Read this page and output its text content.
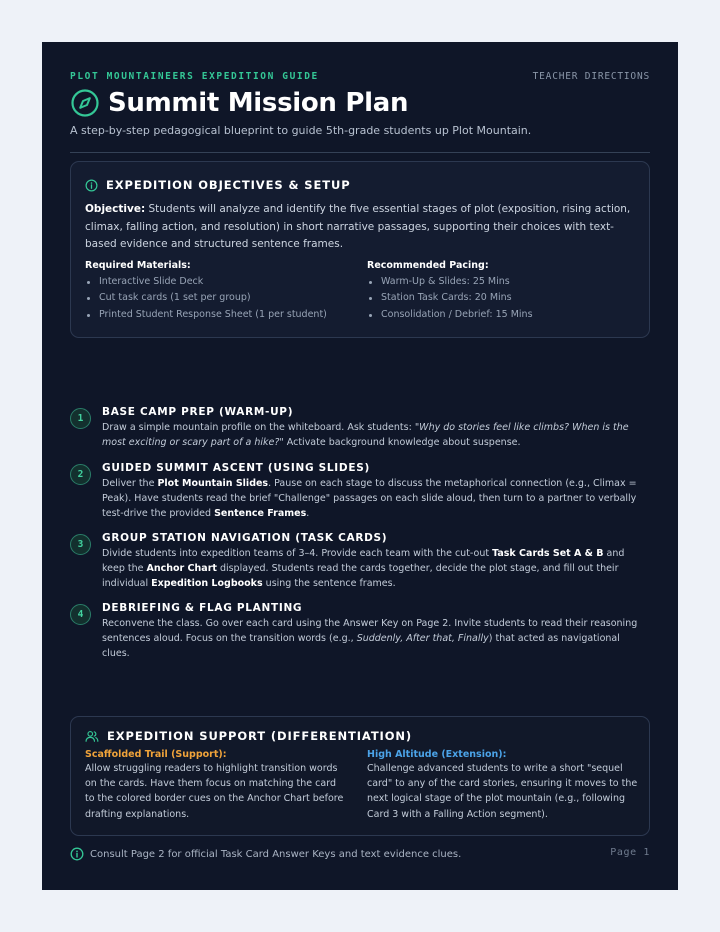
PLOT MOUNTAINEERS EXPEDITION GUIDE	TEACHER DIRECTIONS
Summit Mission Plan
A step-by-step pedagogical blueprint to guide 5th-grade students up Plot Mountain.
EXPEDITION OBJECTIVES & SETUP

Objective: Students will analyze and identify the five essential stages of plot (exposition, rising action, climax, falling action, and resolution) in short narrative passages, supporting their choices with text-based evidence and structured sentence frames.

Required Materials:
Interactive Slide Deck
Cut task cards (1 set per group)
Printed Student Response Sheet (1 per student)
Recommended Pacing:
Warm-Up & Slides: 25 Mins
Station Task Cards: 20 Mins
Consolidation / Debrief: 15 Mins
1
BASE CAMP PREP (WARM-UP)

Draw a simple mountain profile on the whiteboard. Ask students: "Why do stories feel like climbs? When is the most exciting or scary part of a hike?" Activate background knowledge about suspense.

2
GUIDED SUMMIT ASCENT (USING SLIDES)

Deliver the Plot Mountain Slides. Pause on each stage to discuss the metaphorical connection (e.g., Climax = Peak). Have students read the brief "Challenge" passages on each slide aloud, then turn to a partner to verbally test-drive the provided Sentence Frames.

3
GROUP STATION NAVIGATION (TASK CARDS)

Divide students into expedition teams of 3–4. Provide each team with the cut-out Task Cards Set A & B and keep the Anchor Chart displayed. Students read the cards together, decide the plot stage, and fill out their individual Expedition Logbooks using the sentence frames.

4
DEBRIEFING & FLAG PLANTING

Reconvene the class. Go over each card using the Answer Key on Page 2. Invite students to read their reasoning sentences aloud. Focus on the transition words (e.g., Suddenly, After that, Finally) that acted as navigational clues.

EXPEDITION SUPPORT (DIFFERENTIATION)
Scaffolded Trail (Support):

Allow struggling readers to highlight transition words on the cards. Have them focus on matching the card to the colored border cues on the Anchor Chart before drafting explanations.

High Altitude (Extension):

Challenge advanced students to write a short "sequel card" to any of the card stories, ensuring it moves to the next logical stage of the plot mountain (e.g., following Card 3 with a Falling Action segment).

Consult Page 2 for official Task Card Answer Keys and text evidence clues.	Page 1
